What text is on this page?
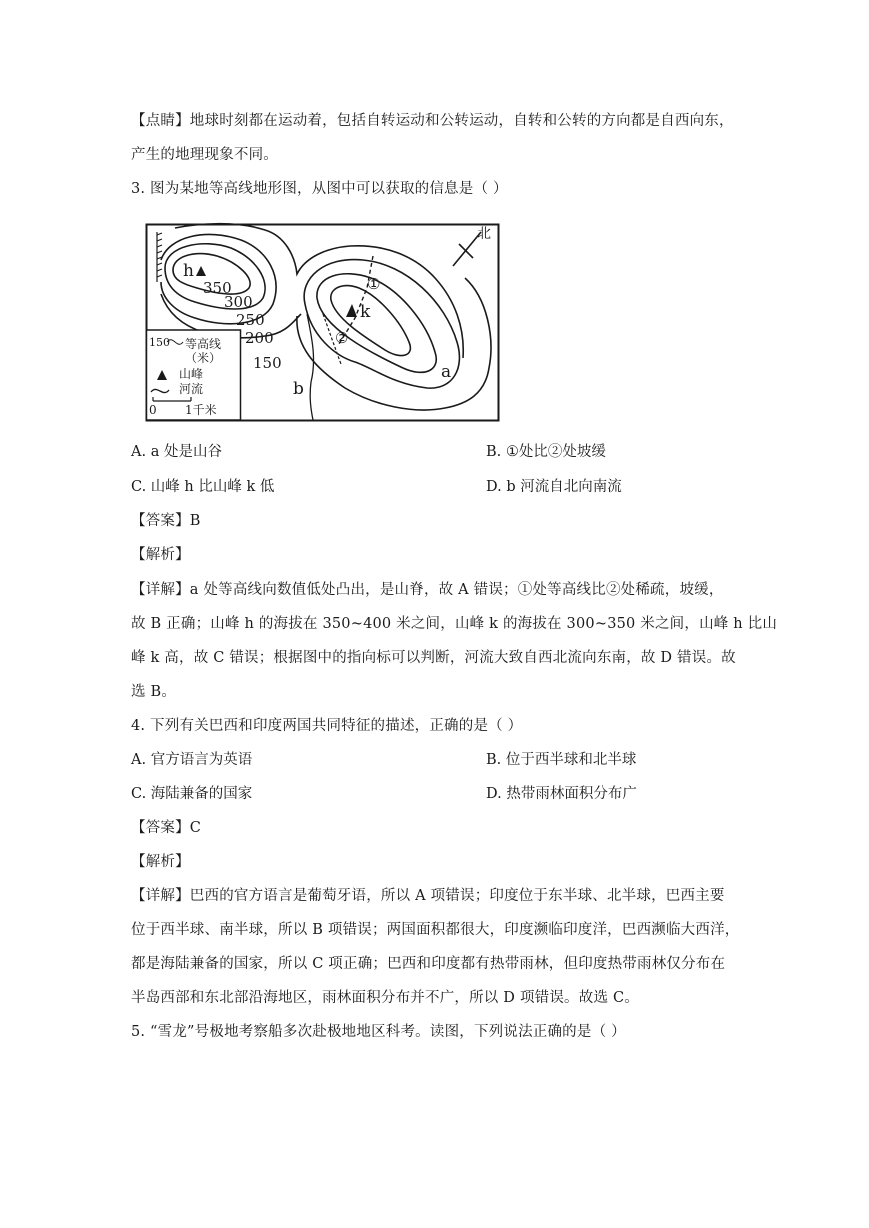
【点睛】地球时刻都在运动着，包括自转运动和公转运动，自转和公转的方向都是自西向东，
产生的地理现象不同。
3. 图为某地等高线地形图，从图中可以获取的信息是（ ）
北
h
k
a
b
①
②
350
300
250
200
150
150 等高线
（米）
山峰
河流
0 1千米
A. a 处是山谷	B. ①处比②处坡缓
C. 山峰 h 比山峰 k 低	D. b 河流自北向南流
【答案】B
【解析】
【详解】a 处等高线向数值低处凸出，是山脊，故 A 错误；①处等高线比②处稀疏，坡缓，
故 B 正确；山峰 h 的海拔在 350~400 米之间，山峰 k 的海拔在 300~350 米之间，山峰 h 比山
峰 k 高，故 C 错误；根据图中的指向标可以判断，河流大致自西北流向东南，故 D 错误。故
选 B。
4. 下列有关巴西和印度两国共同特征的描述，正确的是（ ）
A. 官方语言为英语	B. 位于西半球和北半球
C. 海陆兼备的国家	D. 热带雨林面积分布广
【答案】C
【解析】
【详解】巴西的官方语言是葡萄牙语，所以 A 项错误；印度位于东半球、北半球，巴西主要
位于西半球、南半球，所以 B 项错误；两国面积都很大，印度濒临印度洋，巴西濒临大西洋，
都是海陆兼备的国家，所以 C 项正确；巴西和印度都有热带雨林，但印度热带雨林仅分布在
半岛西部和东北部沿海地区，雨林面积分布并不广，所以 D 项错误。故选 C。
5. “雪龙”号极地考察船多次赴极地地区科考。读图，下列说法正确的是（ ）
